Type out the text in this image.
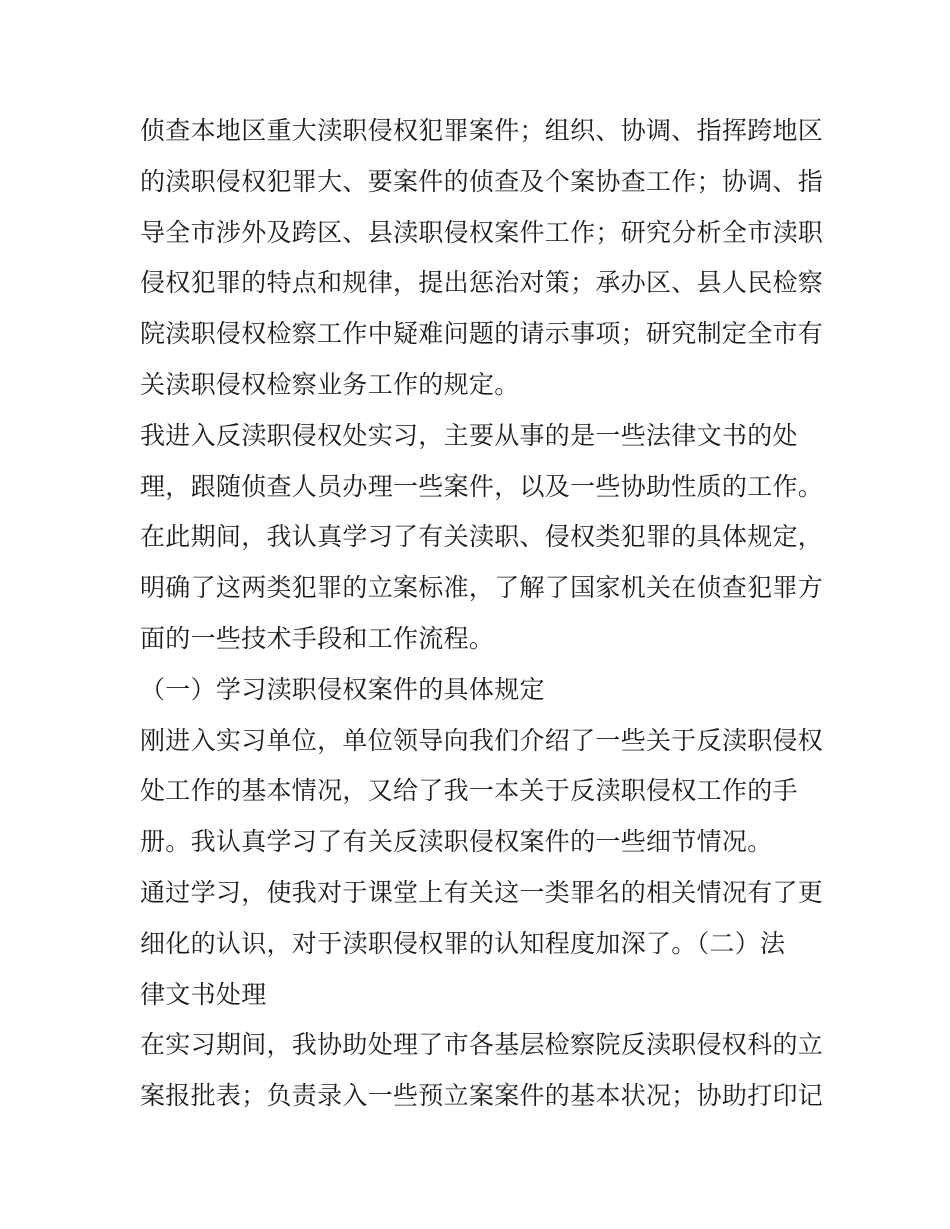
侦查本地区重大渎职侵权犯罪案件；组织、协调、指挥跨地区
的渎职侵权犯罪大、要案件的侦查及个案协查工作；协调、指
导全市涉外及跨区、县渎职侵权案件工作；研究分析全市渎职
侵权犯罪的特点和规律，提出惩治对策；承办区、县人民检察
院渎职侵权检察工作中疑难问题的请示事项；研究制定全市有
关渎职侵权检察业务工作的规定。
我进入反渎职侵权处实习，主要从事的是一些法律文书的处
理，跟随侦查人员办理一些案件，以及一些协助性质的工作。
在此期间，我认真学习了有关渎职、侵权类犯罪的具体规定，
明确了这两类犯罪的立案标准，了解了国家机关在侦查犯罪方
面的一些技术手段和工作流程。
（一）学习渎职侵权案件的具体规定
刚进入实习单位，单位领导向我们介绍了一些关于反渎职侵权
处工作的基本情况，又给了我一本关于反渎职侵权工作的手
册。我认真学习了有关反渎职侵权案件的一些细节情况。
通过学习，使我对于课堂上有关这一类罪名的相关情况有了更
细化的认识，对于渎职侵权罪的认知程度加深了。（二）法
律文书处理
在实习期间，我协助处理了市各基层检察院反渎职侵权科的立
案报批表；负责录入一些预立案案件的基本状况；协助打印记
